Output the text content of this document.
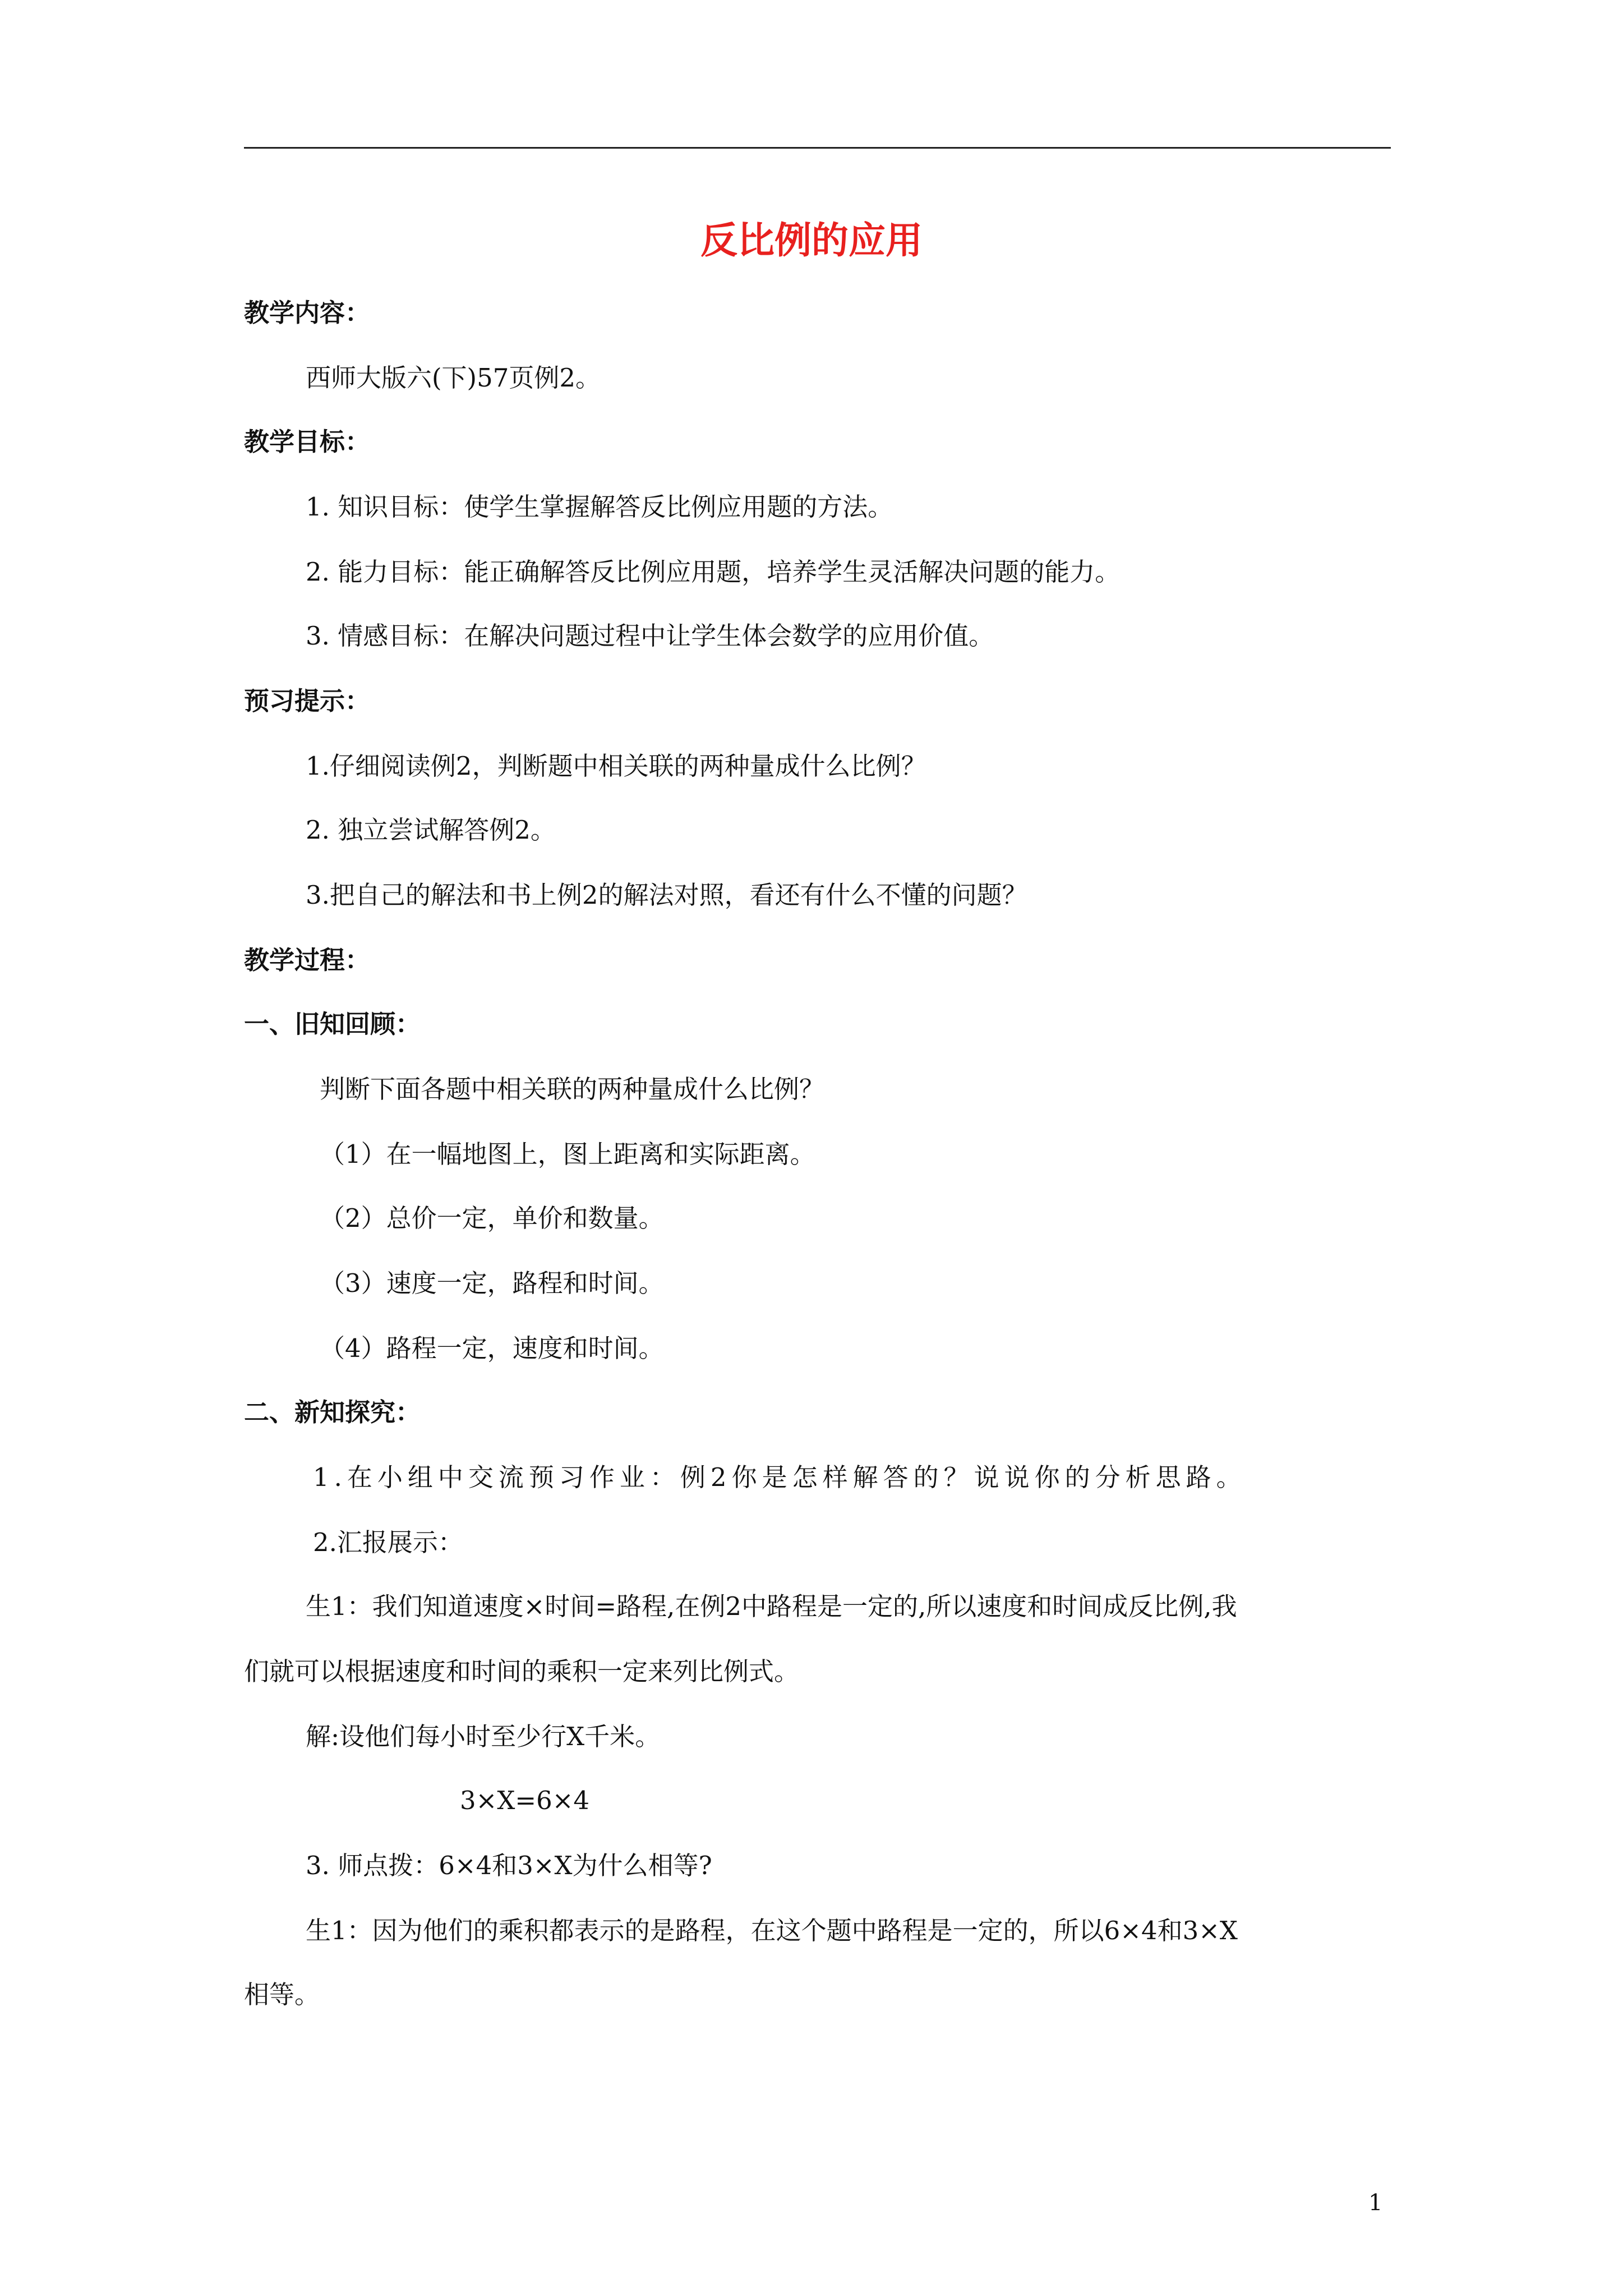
反比例的应用
教学内容：
西师大版六(下)57页例2。
教学目标：
1. 知识目标：使学生掌握解答反比例应用题的方法。
2. 能力目标：能正确解答反比例应用题，培养学生灵活解决问题的能力。
3. 情感目标：在解决问题过程中让学生体会数学的应用价值。
预习提示：
1.仔细阅读例2，判断题中相关联的两种量成什么比例？
2. 独立尝试解答例2。
3.把自己的解法和书上例2的解法对照，看还有什么不懂的问题？
教学过程：
一、旧知回顾：
判断下面各题中相关联的两种量成什么比例？
（1）在一幅地图上，图上距离和实际距离。
（2）总价一定，单价和数量。
（3）速度一定，路程和时间。
（4）路程一定，速度和时间。
二、新知探究：
1.在小组中交流预习作业：例2你是怎样解答的？说说你的分析思路。
2.汇报展示：
生1：我们知道速度×时间=路程,在例2中路程是一定的,所以速度和时间成反比例,我
们就可以根据速度和时间的乘积一定来列比例式。
解:设他们每小时至少行X千米。
3×X=6×4
3. 师点拨：6×4和3×X为什么相等?
生1：因为他们的乘积都表示的是路程，在这个题中路程是一定的，所以6×4和3×X
相等。
1
